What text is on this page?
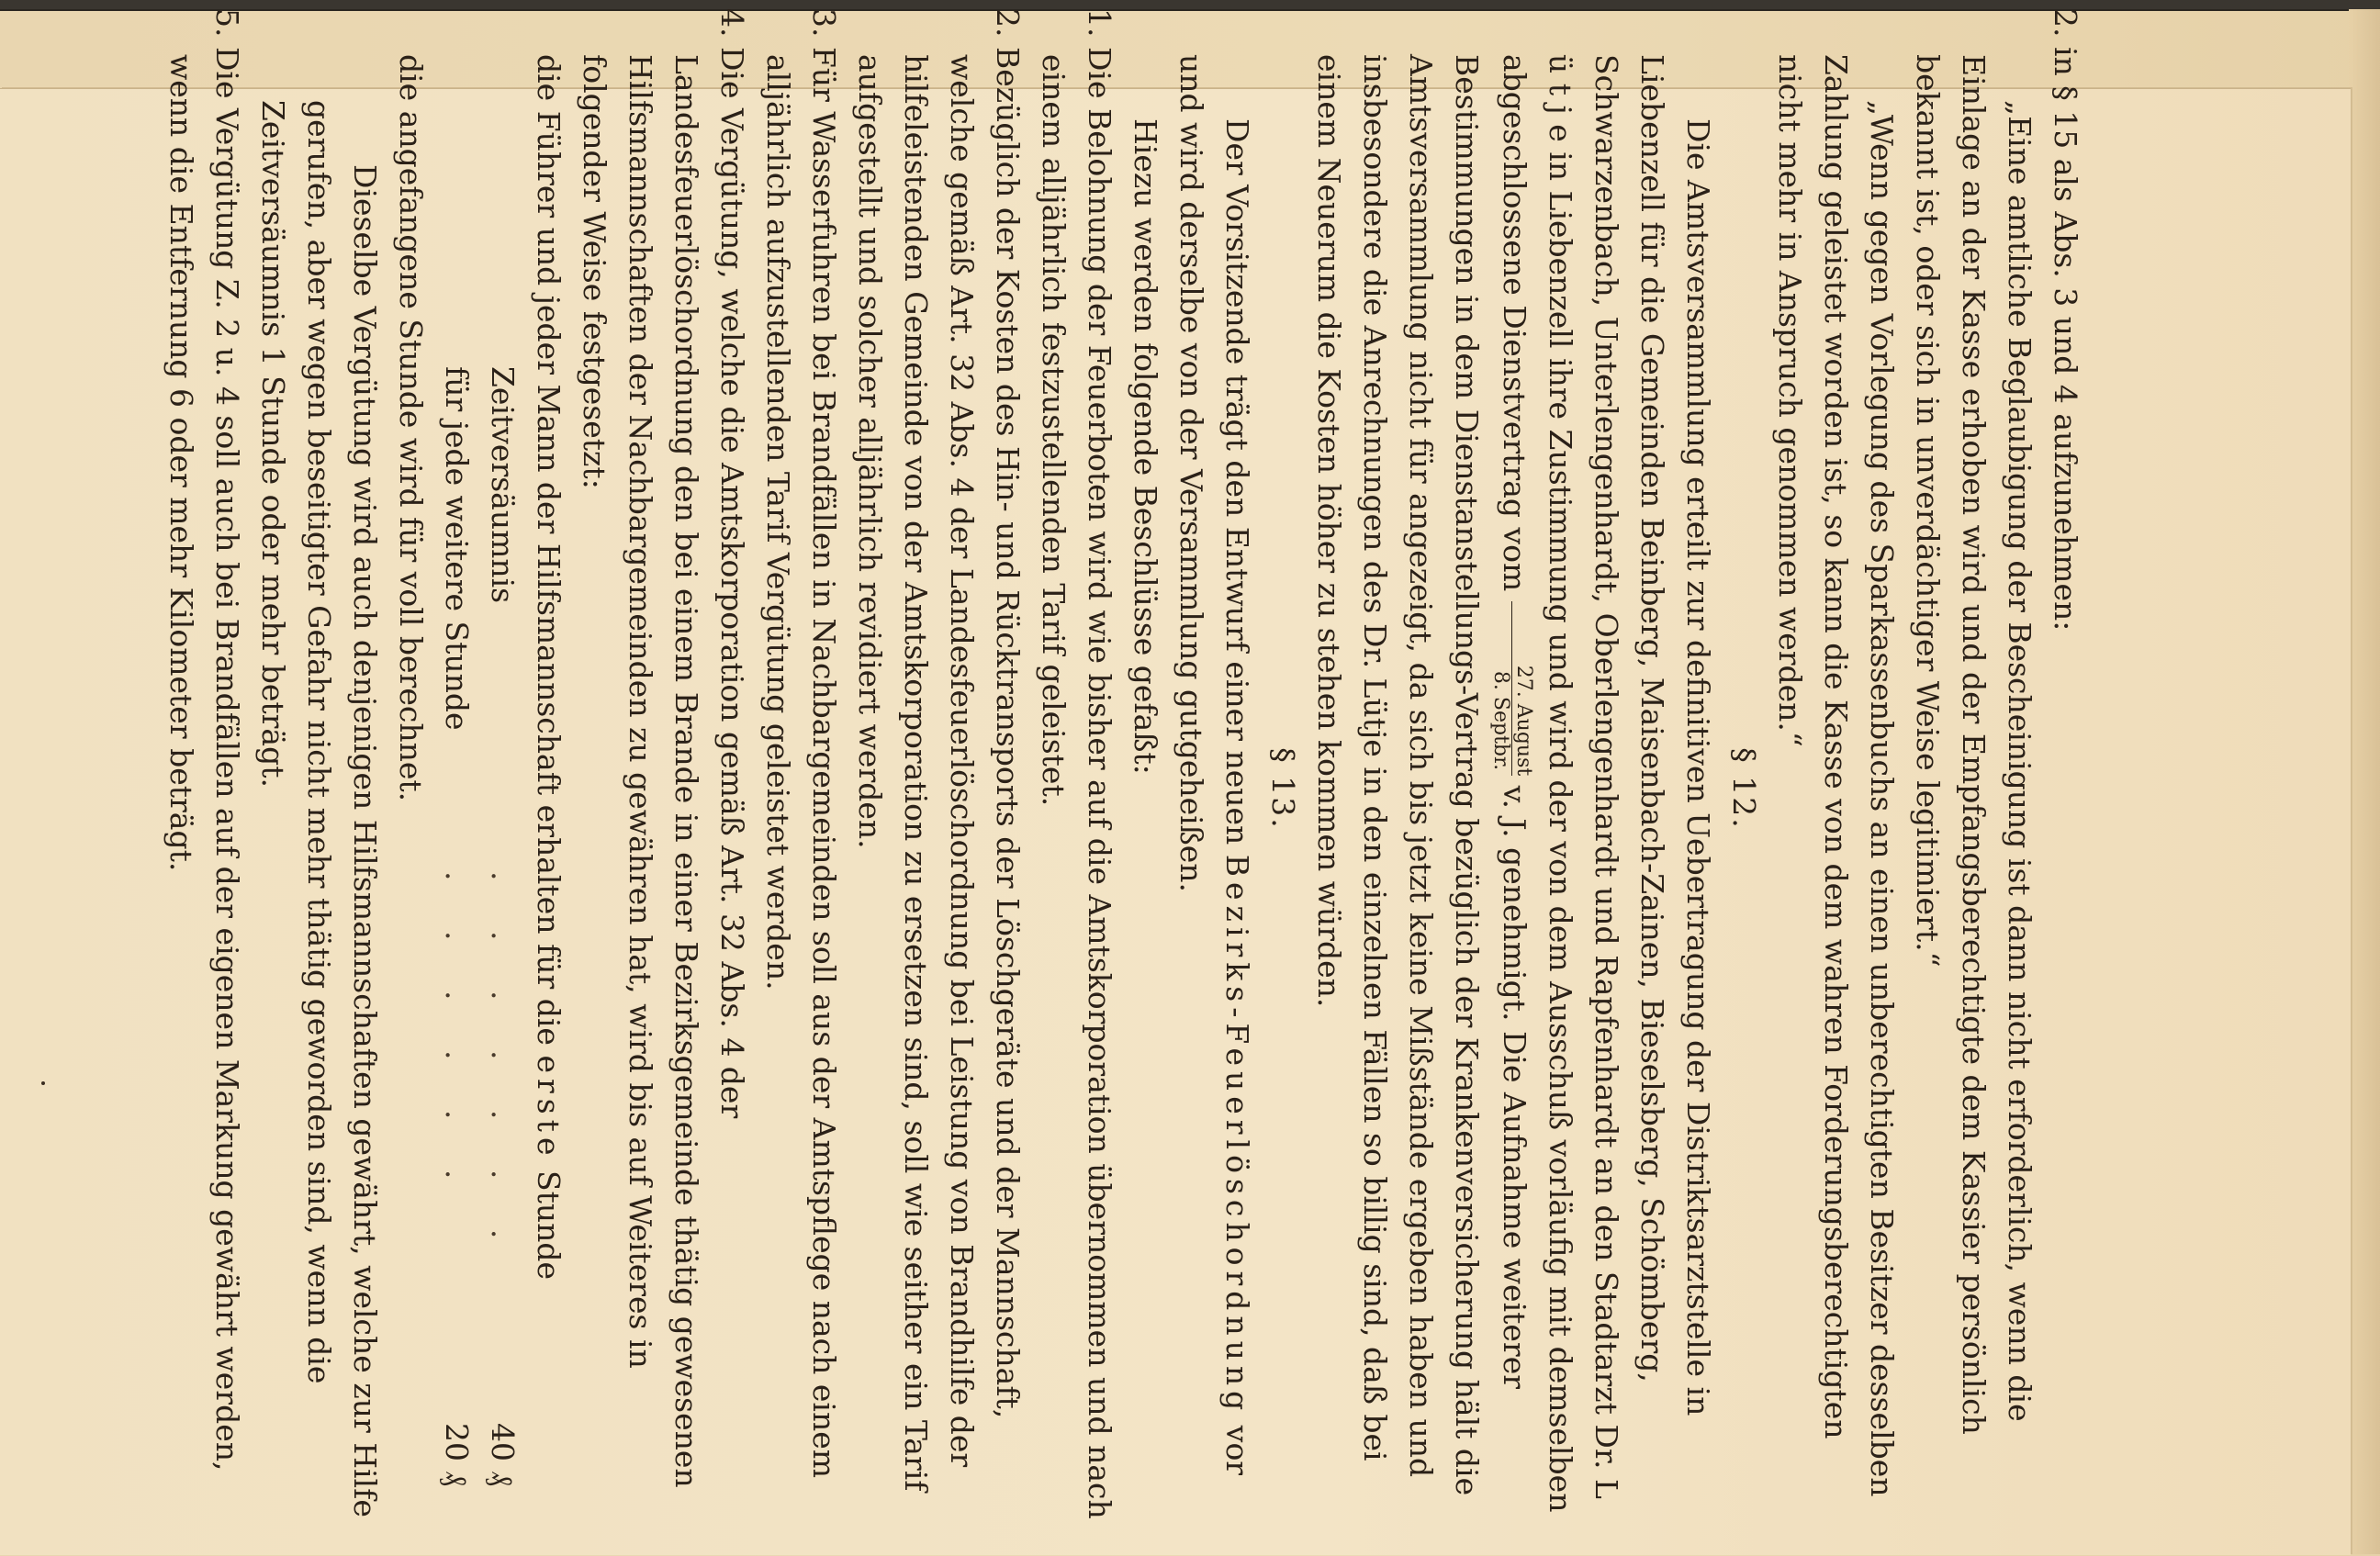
2. in § 15 als Abs. 3 und 4 aufzunehmen:

„Eine amtliche Beglaubigung der Bescheinigung ist dann nicht erforderlich, wenn die Einlage an der Kasse erhoben wird und der Empfangsberechtigte dem Kassier persönlich bekannt ist, oder sich in unverdächtiger Weise legitimiert.“

„Wenn gegen Vorlegung des Sparkassenbuchs an einen unberechtigten Besitzer desselben Zahlung geleistet worden ist, so kann die Kasse von dem wahren Forderungsberechtigten nicht mehr in Anspruch genommen werden.“

§ 12.

Die Amtsversammlung erteilt zur definitiven Uebertragung der Distriktsarztstelle in Liebenzell für die Gemeinden Beinberg, Maisenbach-Zainen, Bieselsberg, Schömberg, Schwarzenbach, Unterlengenhardt, Oberlengenhardt und Rapfenhardt an den Stadtarzt Dr. L ü t j e in Liebenzell ihre Zustimmung und wird der von dem Ausschuß vorläufig mit demselben abgeschlossene Dienstvertrag vom
27. August
8. Septbr.
v. J. genehmigt. Die Aufnahme weiterer Bestimmungen in dem Dienstanstellungs-Vertrag bezüglich der Krankenversicherung hält die Amtsversammlung nicht für angezeigt, da sich bis jetzt keine Mißstände ergeben haben und insbesondere die Anrechnungen des Dr. Lütje in den einzelnen Fällen so billig sind, daß bei einem Neuerum die Kosten höher zu stehen kommen würden.

§ 13.

Der Vorsitzende trägt den Entwurf einer neuen Bezirks-Feuerlöschordnung vor und wird derselbe von der Versammlung gutgeheißen.

Hiezu werden folgende Beschlüsse gefaßt:

1. Die Belohnung der Feuerboten wird wie bisher auf die Amtskorporation übernommen und nach einem alljährlich festzustellenden Tarif geleistet.

2. Bezüglich der Kosten des Hin- und Rücktransports der Löschgeräte und der Mannschaft, welche gemäß Art. 32 Abs. 4 der Landesfeuerlöschordnung bei Leistung von Brandhilfe der hilfeleistenden Gemeinde von der Amtskorporation zu ersetzen sind, soll wie seither ein Tarif aufgestellt und solcher alljährlich revidiert werden.

3. Für Wasserfuhren bei Brandfällen in Nachbargemeinden soll aus der Amtspflege nach einem alljährlich aufzustellenden Tarif Vergütung geleistet werden.

4. Die Vergütung, welche die Amtskorporation gemäß Art. 32 Abs. 4 der Landesfeuerlöschordnung den bei einem Brande in einer Bezirksgemeinde thätig gewesenen Hilfsmannschaften der Nachbargemeinden zu gewähren hat, wird bis auf Weiteres in folgender Weise festgesetzt:

die Führer und jeder Mann der Hilfsmannschaft erhalten für die erste Stunde

Zeitversäumnis
. . . . . . .
40 ₰
für jede weitere Stunde
. . . . . .
20 ₰

die angefangene Stunde wird für voll berechnet.

Dieselbe Vergütung wird auch denjenigen Hilfsmannschaften gewährt, welche zur Hilfe gerufen, aber wegen beseitigter Gefahr nicht mehr thätig geworden sind, wenn die Zeitversäumnis 1 Stunde oder mehr beträgt.

5. Die Vergütung Z. 2 u. 4 soll auch bei Brandfällen auf der eigenen Markung gewährt werden, wenn die Entfernung 6 oder mehr Kilometer beträgt.
